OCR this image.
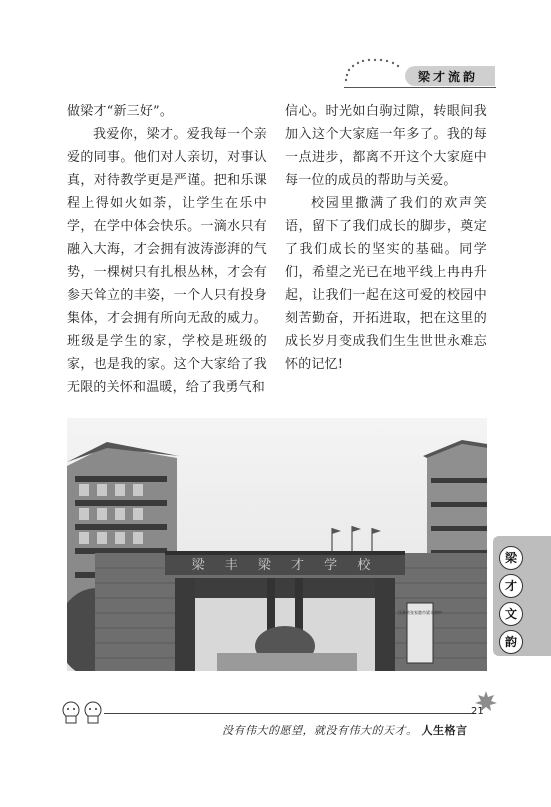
梁才流韵

做梁才“新三好”。

我爱你，梁才。爱我每一个亲爱的同事。他们对人亲切，对事认真，对待教学更是严谨。把和乐课程上得如火如荼，让学生在乐中学，在学中体会快乐。一滴水只有融入大海，才会拥有波涛澎湃的气势，一棵树只有扎根丛林，才会有参天耸立的丰姿，一个人只有投身集体，才会拥有所向无敌的威力。班级是学生的家，学校是班级的家，也是我的家。这个大家给了我无限的关怀和温暖，给了我勇气和

信心。时光如白驹过隙，转眼间我加入这个大家庭一年多了。我的每一点进步，都离不开这个大家庭中每一位的成员的帮助与关爱。

校园里撒满了我们的欢声笑语，留下了我们成长的脚步，奠定了我们成长的坚实的基础。同学们，希望之光已在地平线上冉冉升起，让我们一起在这可爱的校园中刻苦勤奋，开拓进取，把在这里的成长岁月变成我们生生世世永难忘怀的记忆!

梁 丰 梁 才 学 校
江苏省张家港市梁丰初中
梁
才
文
韵
21
没有伟大的愿望，就没有伟大的天才。 人生格言
